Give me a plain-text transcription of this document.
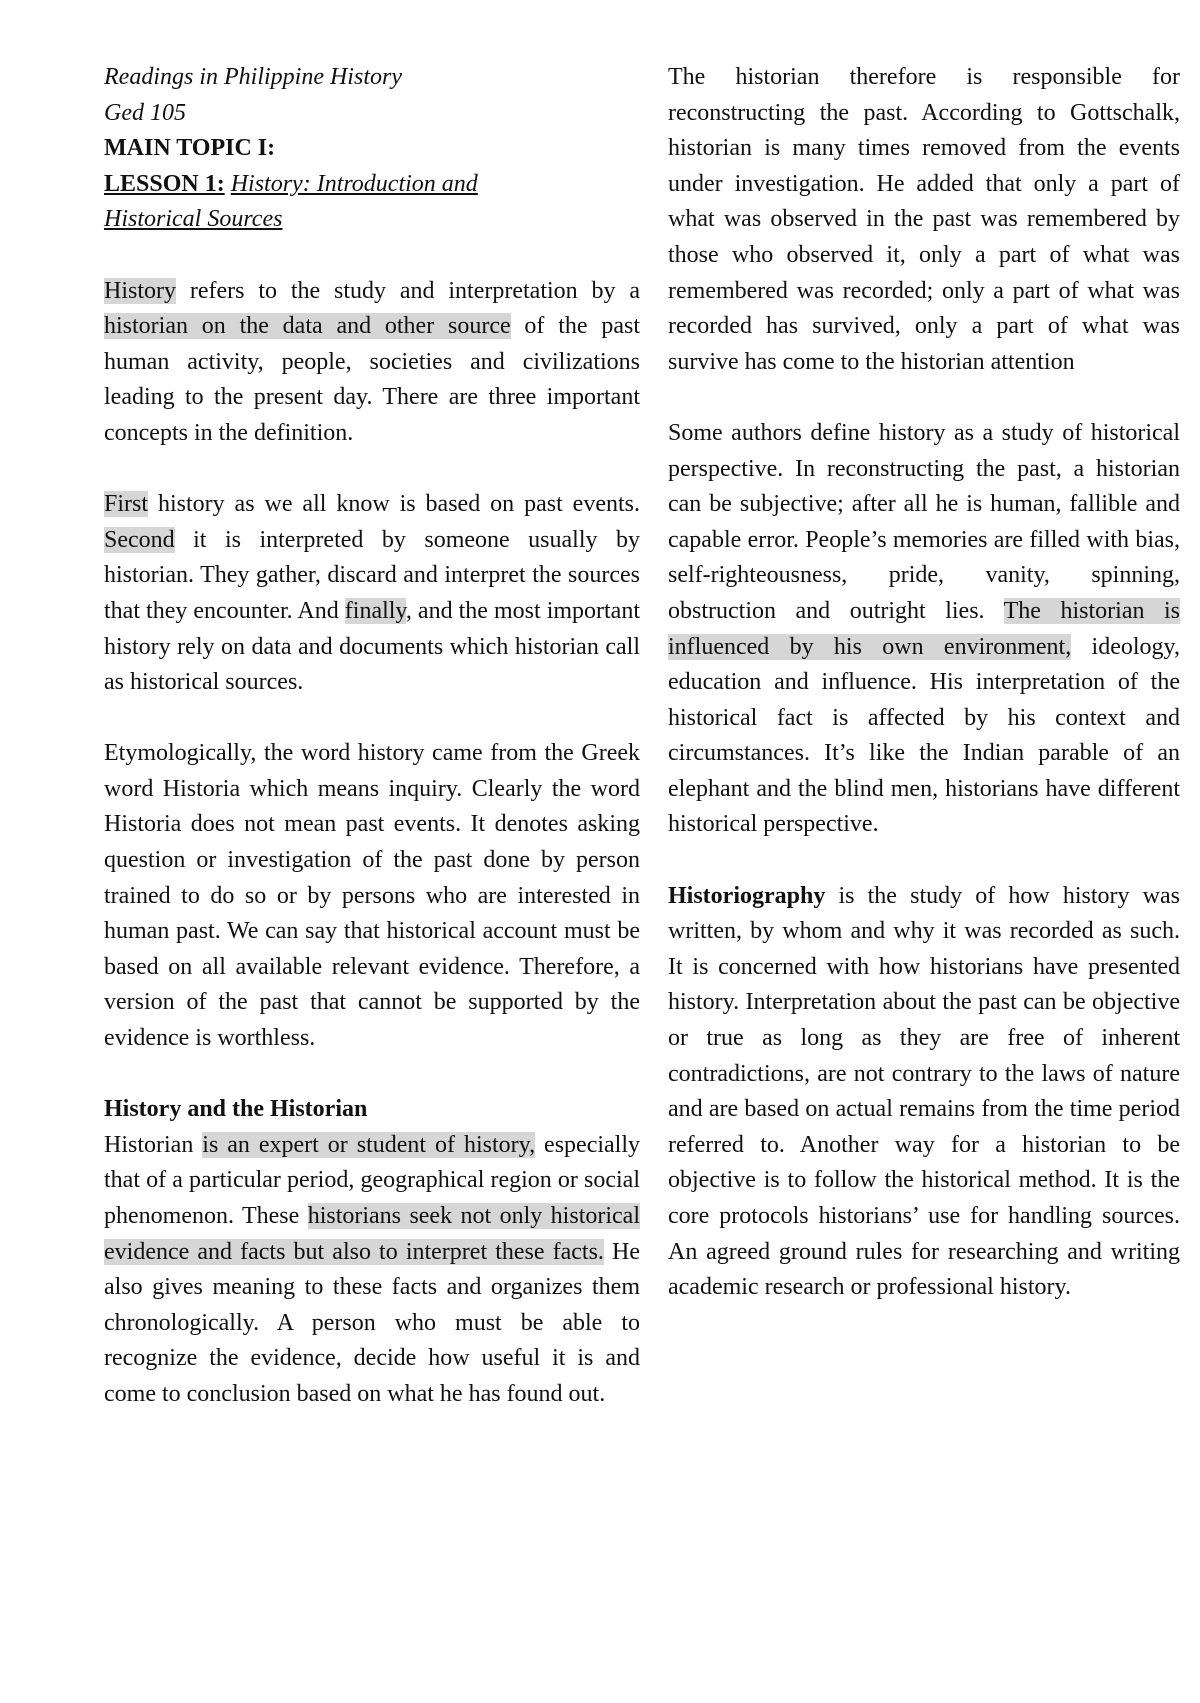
Readings in Philippine History
Ged 105
MAIN TOPIC I:
LESSON 1: History: Introduction and
Historical Sources

History refers to the study and interpretation by a historian on the data and other source of the past human activity, people, societies and civilizations leading to the present day. There are three important concepts in the definition.

First history as we all know is based on past events. Second it is interpreted by someone usually by historian. They gather, discard and interpret the sources that they encounter. And finally, and the most important history rely on data and documents which historian call as historical sources.

Etymologically, the word history came from the Greek word Historia which means inquiry. Clearly the word Historia does not mean past events. It denotes asking question or investigation of the past done by person trained to do so or by persons who are interested in human past. We can say that historical account must be based on all available relevant evidence. Therefore, a version of the past that cannot be supported by the evidence is worthless.

History and the Historian

Historian is an expert or student of history, especially that of a particular period, geographical region or social phenomenon. These historians seek not only historical evidence and facts but also to interpret these facts. He also gives meaning to these facts and organizes them chronologically. A person who must be able to recognize the evidence, decide how useful it is and come to conclusion based on what he has found out.

The historian therefore is responsible for reconstructing the past. According to Gottschalk, historian is many times removed from the events under investigation. He added that only a part of what was observed in the past was remembered by those who observed it, only a part of what was remembered was recorded; only a part of what was recorded has survived, only a part of what was survive has come to the historian attention

Some authors define history as a study of historical perspective. In reconstructing the past, a historian can be subjective; after all he is human, fallible and capable error. People’s memories are filled with bias, self-righteousness, pride, vanity, spinning, obstruction and outright lies. The historian is influenced by his own environment, ideology, education and influence. His interpretation of the historical fact is affected by his context and circumstances. It’s like the Indian parable of an elephant and the blind men, historians have different historical perspective.

Historiography is the study of how history was written, by whom and why it was recorded as such. It is concerned with how historians have presented history. Interpretation about the past can be objective or true as long as they are free of inherent contradictions, are not contrary to the laws of nature and are based on actual remains from the time period referred to. Another way for a historian to be objective is to follow the historical method. It is the core protocols historians’ use for handling sources. An agreed ground rules for researching and writing academic research or professional history.
